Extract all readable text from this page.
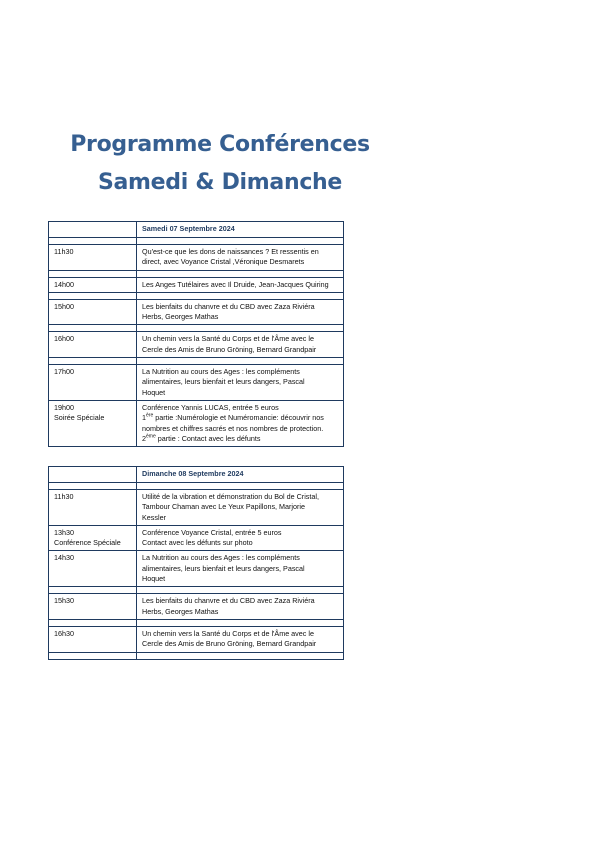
Programme Conférences
Samedi & Dimanche
	Samedi 07 Septembre 2024

11h30	Qu'est-ce que les dons de naissances ? Et ressentis en
direct, avec Voyance Cristal ,Véronique Desmarets

14h00	Les Anges Tutélaires avec Il Druide, Jean-Jacques Quiring

15h00	Les bienfaits du chanvre et du CBD avec Zaza Riviéra
Herbs, Georges Mathas

16h00	Un chemin vers la Santé du Corps et de l'Âme avec le
Cercle des Amis de Bruno Gröning, Bernard Grandpair

17h00	La Nutrition au cours des Ages : les compléments
alimentaires, leurs bienfait et leurs dangers, Pascal
Hoquet

19h00
Soirée Spéciale	Conférence Yannis LUCAS, entrée 5 euros
1ère partie :Numérologie et Numéromancie: découvrir nos
nombres et chiffres sacrés et nos nombres de protection.
2ème partie : Contact avec les défunts
	Dimanche 08 Septembre 2024

11h30	Utilité de la vibration et démonstration du Bol de Cristal,
Tambour Chaman avec Le Yeux Papillons, Marjorie
Kessler

13h30
Conférence Spéciale	Conférence Voyance Cristal, entrée 5 euros
Contact avec les défunts sur photo

14h30	La Nutrition au cours des Ages : les compléments
alimentaires, leurs bienfait et leurs dangers, Pascal
Hoquet

15h30	Les bienfaits du chanvre et du CBD avec Zaza Riviéra
Herbs, Georges Mathas

16h30	Un chemin vers la Santé du Corps et de l'Âme avec le
Cercle des Amis de Bruno Gröning, Bernard Grandpair
